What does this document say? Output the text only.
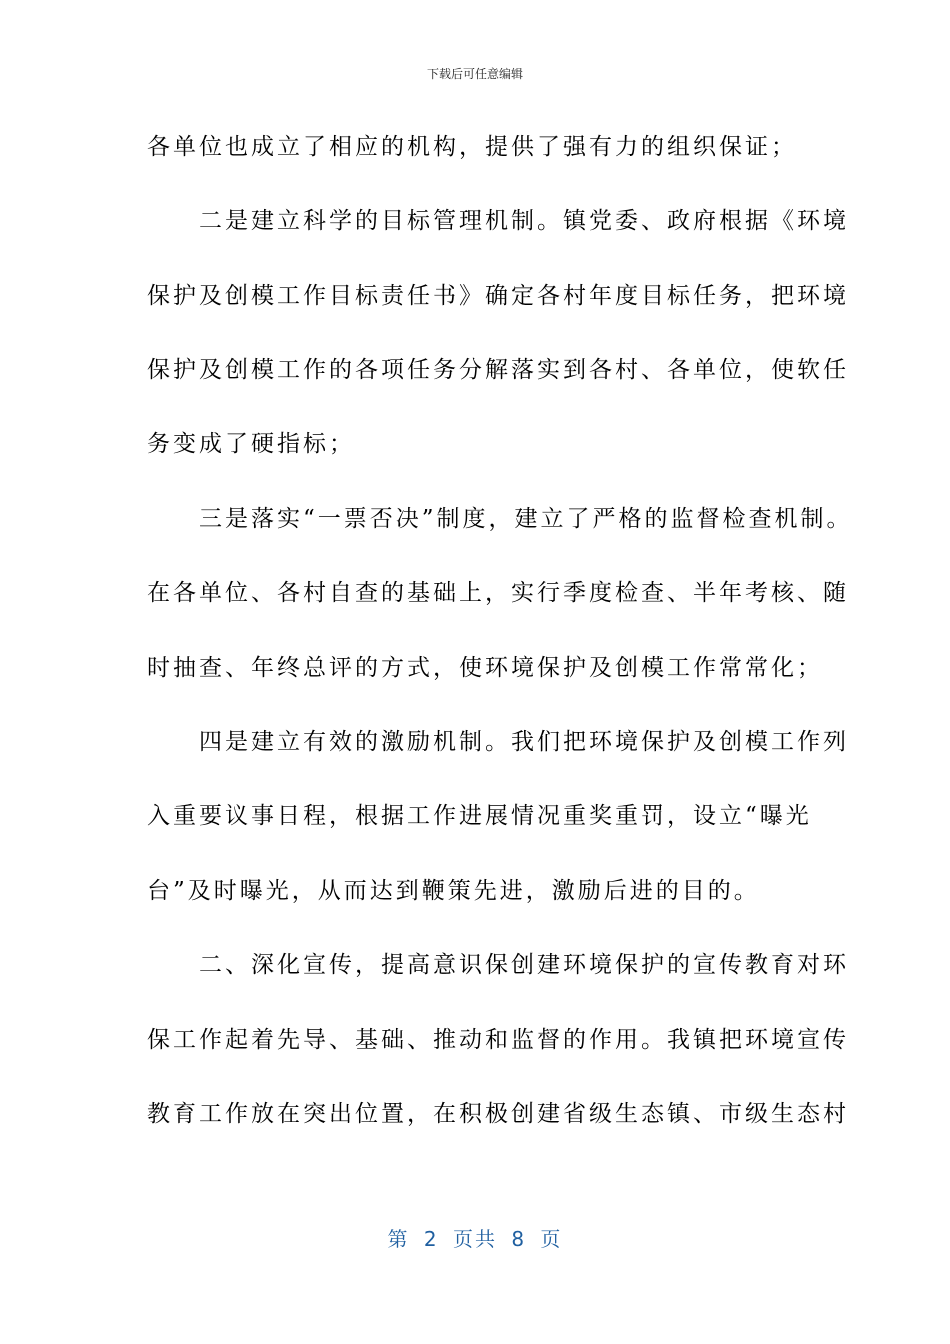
下载后可任意编辑
各单位也成立了相应的机构，提供了强有力的组织保证；
　　二是建立科学的目标管理机制。镇党委、政府根据《环境
保护及创模工作目标责任书》确定各村年度目标任务，把环境
保护及创模工作的各项任务分解落实到各村、各单位，使软任
务变成了硬指标；
　　三是落实“一票否决”制度，建立了严格的监督检查机制。
在各单位、各村自查的基础上，实行季度检查、半年考核、随
时抽查、年终总评的方式，使环境保护及创模工作常常化；
　　四是建立有效的激励机制。我们把环境保护及创模工作列
入重要议事日程，根据工作进展情况重奖重罚，设立“曝光
台”及时曝光，从而达到鞭策先进，激励后进的目的。
　　二、深化宣传，提高意识保创建环境保护的宣传教育对环
保工作起着先导、基础、推动和监督的作用。我镇把环境宣传
教育工作放在突出位置，在积极创建省级生态镇、市级生态村
第 2 页共 8 页
